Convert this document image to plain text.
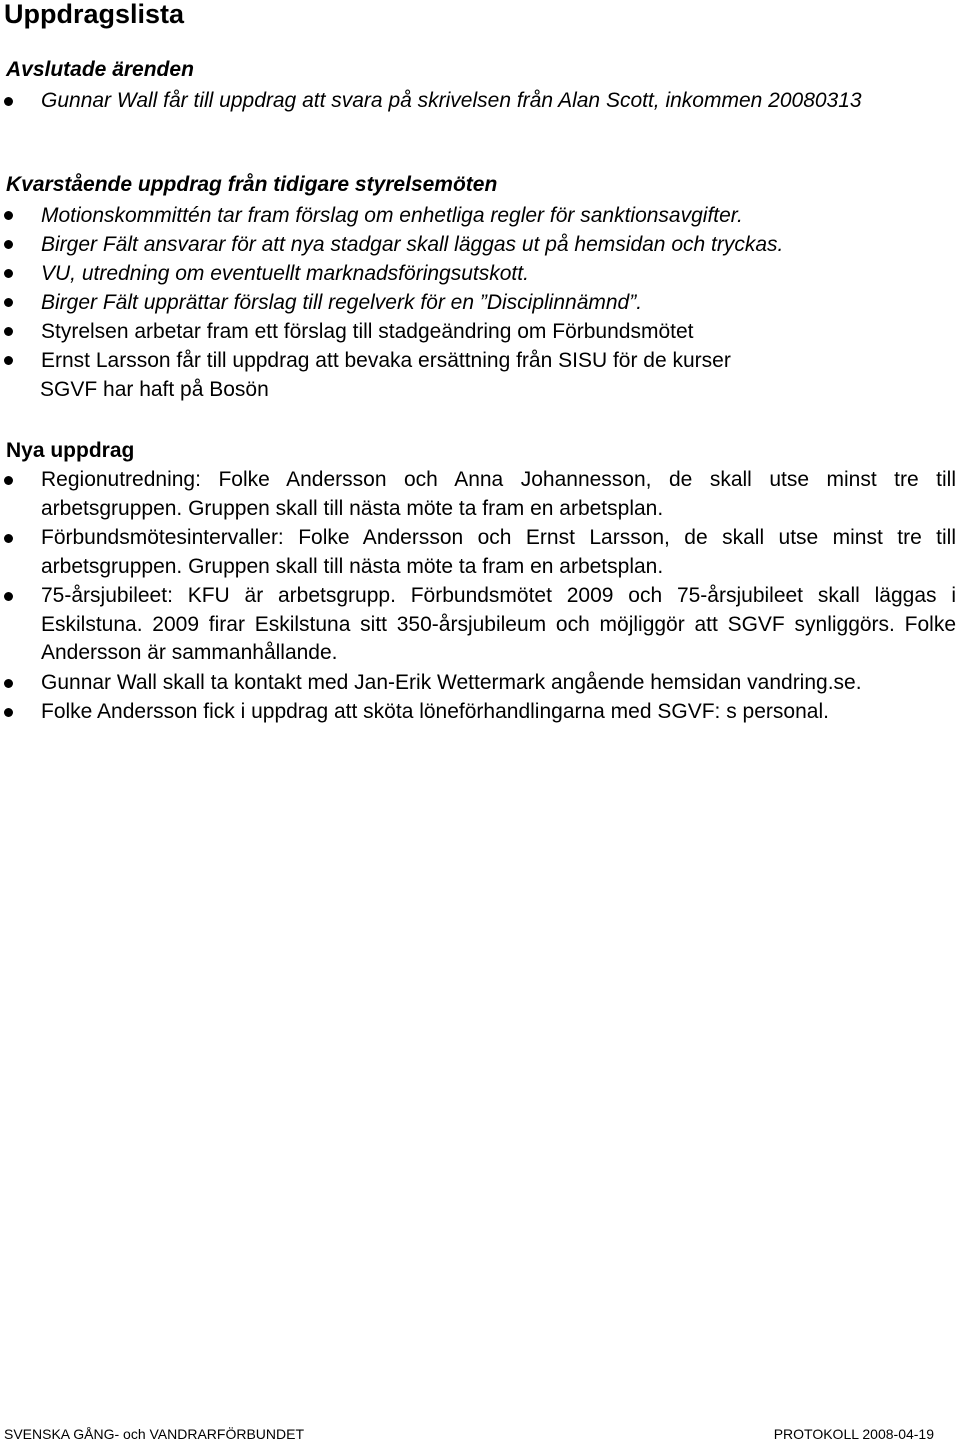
Uppdragslista
Avslutade ärenden
Gunnar Wall får till uppdrag att svara på skrivelsen från Alan Scott, inkommen 20080313
Kvarstående uppdrag från tidigare styrelsemöten
Motionskommittén tar fram förslag om enhetliga regler för sanktionsavgifter.
Birger Fält ansvarar för att nya stadgar skall läggas ut på hemsidan och tryckas.
VU, utredning om eventuellt marknadsföringsutskott.
Birger Fält upprättar förslag till regelverk för en ”Disciplinnämnd”.
Styrelsen arbetar fram ett förslag till stadgeändring om Förbundsmötet
Ernst Larsson får till uppdrag att bevaka ersättning från SISU för de kurser
SGVF har haft på Bosön
Nya uppdrag
Regionutredning: Folke Andersson och Anna Johannesson, de skall utse minst tre till arbetsgruppen. Gruppen skall till nästa möte ta fram en arbetsplan.
Förbundsmötesintervaller: Folke Andersson och Ernst Larsson, de skall utse minst tre till arbetsgruppen. Gruppen skall till nästa möte ta fram en arbetsplan.
75-årsjubileet: KFU är arbetsgrupp. Förbundsmötet 2009 och 75-årsjubileet skall läggas i Eskilstuna. 2009 firar Eskilstuna sitt 350-årsjubileum och möjliggör att SGVF synliggörs. Folke Andersson är sammanhållande.
Gunnar Wall skall ta kontakt med Jan-Erik Wettermark angående hemsidan vandring.se.
Folke Andersson fick i uppdrag att sköta löneförhandlingarna med SGVF: s personal.
SVENSKA GÅNG- och VANDRARFÖRBUNDET	PROTOKOLL 2008-04-19
